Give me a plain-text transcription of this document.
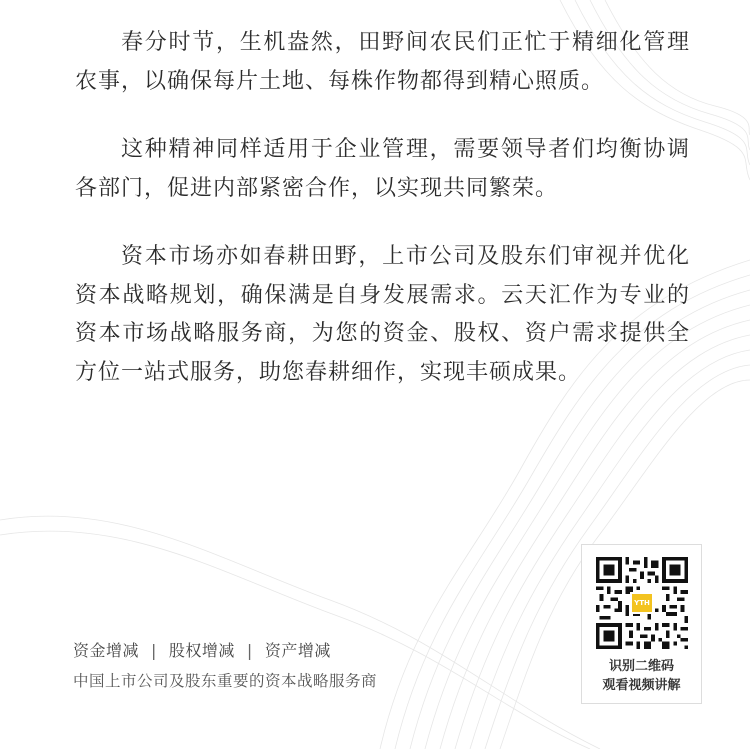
春分时节，生机盎然，田野间农民们正忙于精细化管理农事，以确保每片土地、每株作物都得到精心照质。

这种精神同样适用于企业管理，需要领导者们均衡协调各部门，促进内部紧密合作，以实现共同繁荣。

资本市场亦如春耕田野，上市公司及股东们审视并优化资本战略规划，确保满是自身发展需求。云天汇作为专业的资本市场战略服务商，为您的资金、股权、资户需求提供全方位一站式服务，助您春耕细作，实现丰硕成果。

资金增减 | 股权增减 | 资产增减
中国上市公司及股东重要的资本战略服务商
YTH
识别二维码
观看视频讲解
